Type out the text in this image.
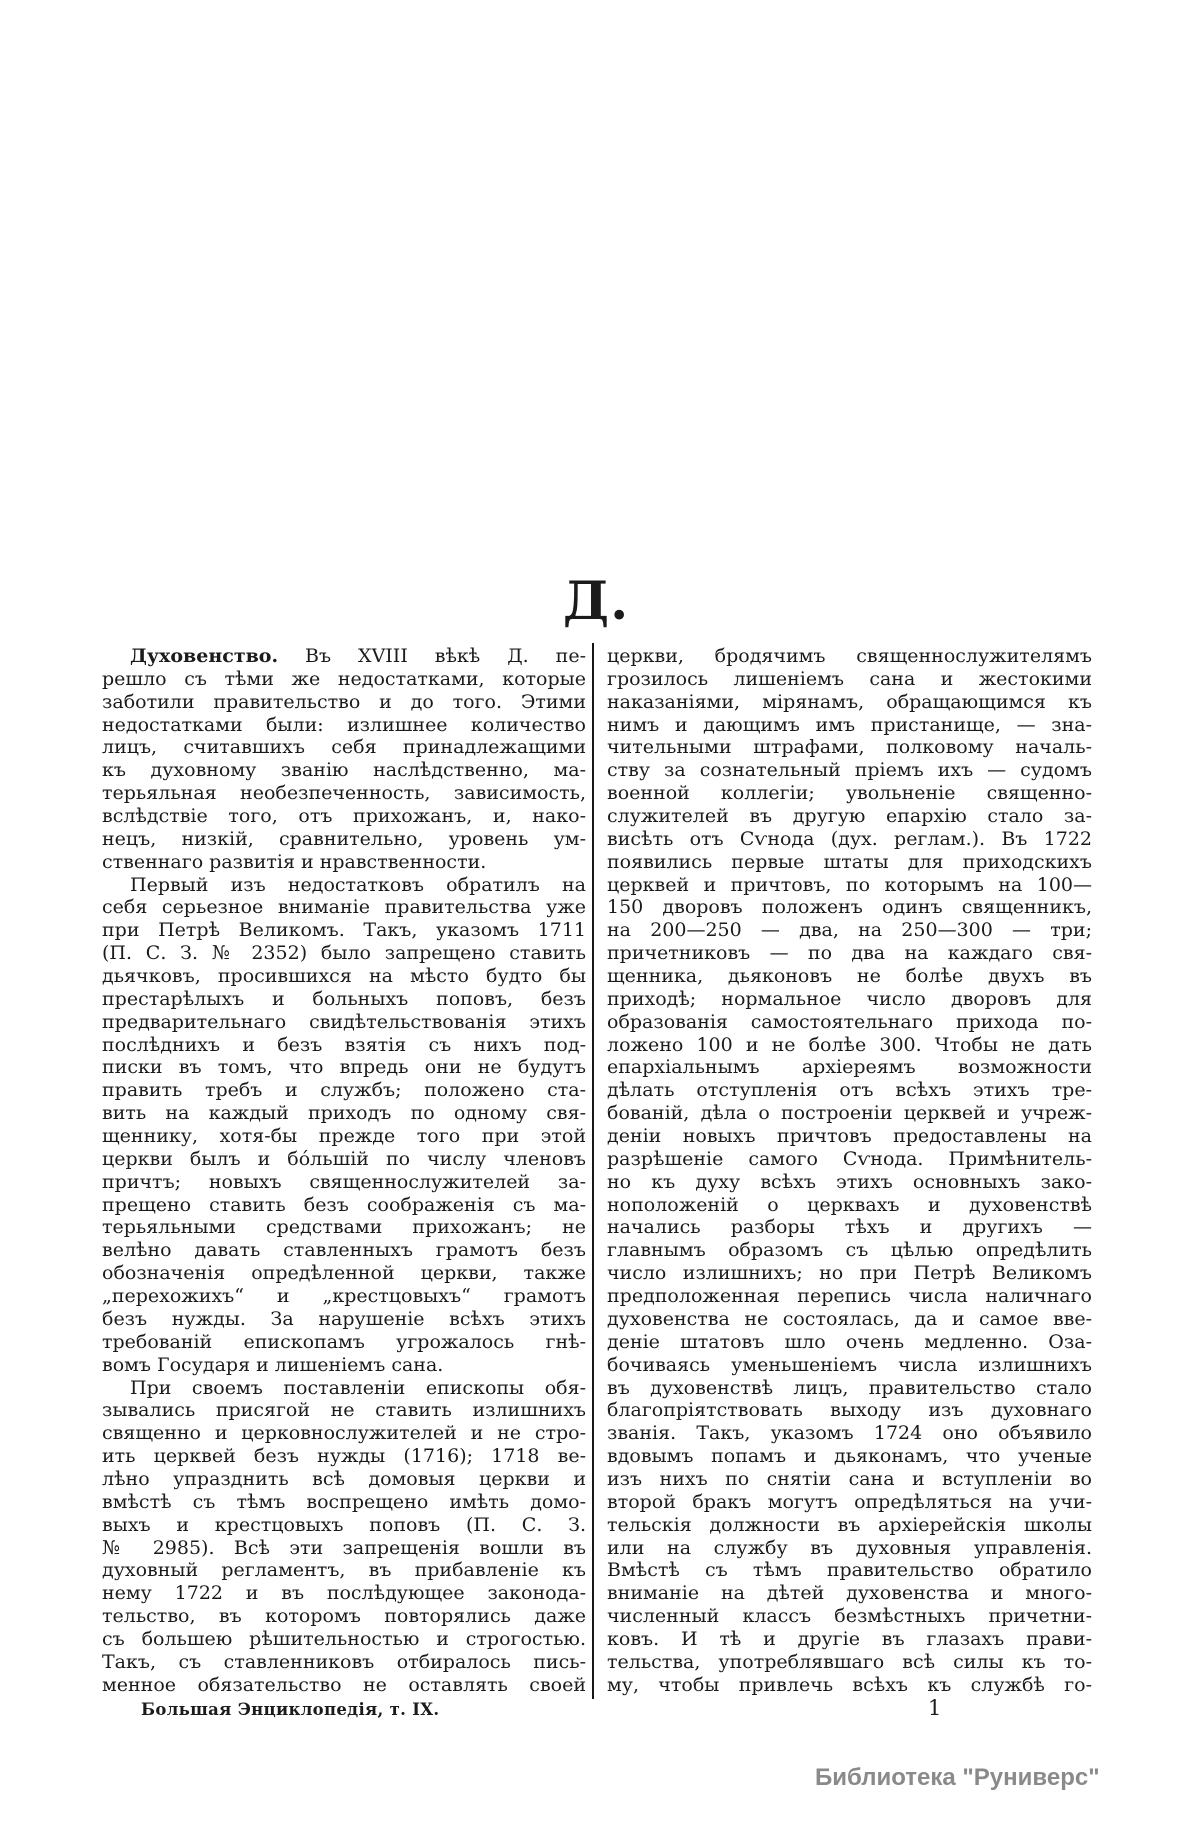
Д.
Духовенство. Въ XVIII вѣкѣ Д. пе-
решло съ тѣми же недостатками, которые
заботили правительство и до того. Этими
недостатками были: излишнее количество
лицъ, считавшихъ себя принадлежащими
къ духовному званію наслѣдственно, ма-
терьяльная необезпеченность, зависимость,
вслѣдствіе того, отъ прихожанъ, и, нако-
нецъ, низкій, сравнительно, уровень ум-
ственнаго развитія и нравственности.
Первый изъ недостатковъ обратилъ на
себя серьезное вниманіе правительства уже
при Петрѣ Великомъ. Такъ, указомъ 1711
(П. С. З. № 2352) было запрещено ставить
дьячковъ, просившихся на мѣсто будто бы
престарѣлыхъ и больныхъ поповъ, безъ
предварительнаго свидѣтельствованія этихъ
послѣднихъ и безъ взятія съ нихъ под-
писки въ томъ, что впредь они не будутъ
править требъ и службъ; положено ста-
вить на каждый приходъ по одному свя-
щеннику, хотя-бы прежде того при этой
церкви былъ и бо́льшій по числу членовъ
причтъ; новыхъ священнослужителей за-
прещено ставить безъ соображенія съ ма-
терьяльными средствами прихожанъ; не
велѣно давать ставленныхъ грамотъ безъ
обозначенія опредѣленной церкви, также
„перехожихъ“ и „крестцовыхъ“ грамотъ
безъ нужды. За нарушеніе всѣхъ этихъ
требованій епископамъ угрожалось гнѣ-
вомъ Государя и лишеніемъ сана.
При своемъ поставленіи епископы обя-
зывались присягой не ставить излишнихъ
священно и церковнослужителей и не стро-
ить церквей безъ нужды (1716); 1718 ве-
лѣно упразднить всѣ домовыя церкви и
вмѣстѣ съ тѣмъ воспрещено имѣть домо-
выхъ и крестцовыхъ поповъ (П. С. З.
№ 2985). Всѣ эти запрещенія вошли въ
духовный регламентъ, въ прибавленіе къ
нему 1722 и въ послѣдующее законода-
тельство, въ которомъ повторялись даже
съ большею рѣшительностью и строгостью.
Такъ, съ ставленниковъ отбиралось пись-
менное обязательство не оставлять своей
церкви, бродячимъ священнослужителямъ
грозилось лишеніемъ сана и жестокими
наказаніями, мірянамъ, обращающимся къ
нимъ и дающимъ имъ пристанище, — зна-
чительными штрафами, полковому началь-
ству за сознательный пріемъ ихъ — судомъ
военной коллегіи; увольненіе священно-
служителей въ другую епархію стало за-
висѣть отъ Сѵнода (дух. реглам.). Въ 1722
появились первые штаты для приходскихъ
церквей и причтовъ, по которымъ на 100—
150 дворовъ положенъ одинъ священникъ,
на 200—250 — два, на 250—300 — три;
причетниковъ — по два на каждаго свя-
щенника, дьяконовъ не болѣе двухъ въ
приходѣ; нормальное число дворовъ для
образованія самостоятельнаго прихода по-
ложено 100 и не болѣе 300. Чтобы не дать
епархіальнымъ архіереямъ возможности
дѣлать отступленія отъ всѣхъ этихъ тре-
бованій, дѣла о построеніи церквей и учреж-
деніи новыхъ причтовъ предоставлены на
разрѣшеніе самого Сѵнода. Примѣнитель-
но къ духу всѣхъ этихъ основныхъ зако-
ноположеній о церквахъ и духовенствѣ
начались разборы тѣхъ и другихъ —
главнымъ образомъ съ цѣлью опредѣлить
число излишнихъ; но при Петрѣ Великомъ
предположенная перепись числа наличнаго
духовенства не состоялась, да и самое вве-
деніе штатовъ шло очень медленно. Оза-
бочиваясь уменьшеніемъ числа излишнихъ
въ духовенствѣ лицъ, правительство стало
благопріятствовать выходу изъ духовнаго
званія. Такъ, указомъ 1724 оно объявило
вдовымъ попамъ и дьяконамъ, что ученые
изъ нихъ по снятіи сана и вступленіи во
второй бракъ могутъ опредѣляться на учи-
тельскія должности въ архіерейскія школы
или на службу въ духовныя управленія.
Вмѣстѣ съ тѣмъ правительство обратило
вниманіе на дѣтей духовенства и много-
численный классъ безмѣстныхъ причетни-
ковъ. И тѣ и другіе въ глазахъ прави-
тельства, употреблявшаго всѣ силы къ то-
му, чтобы привлечь всѣхъ къ службѣ го-
Большая Энциклопедія, т. IX.	1
Библиотека "Руниверс"
